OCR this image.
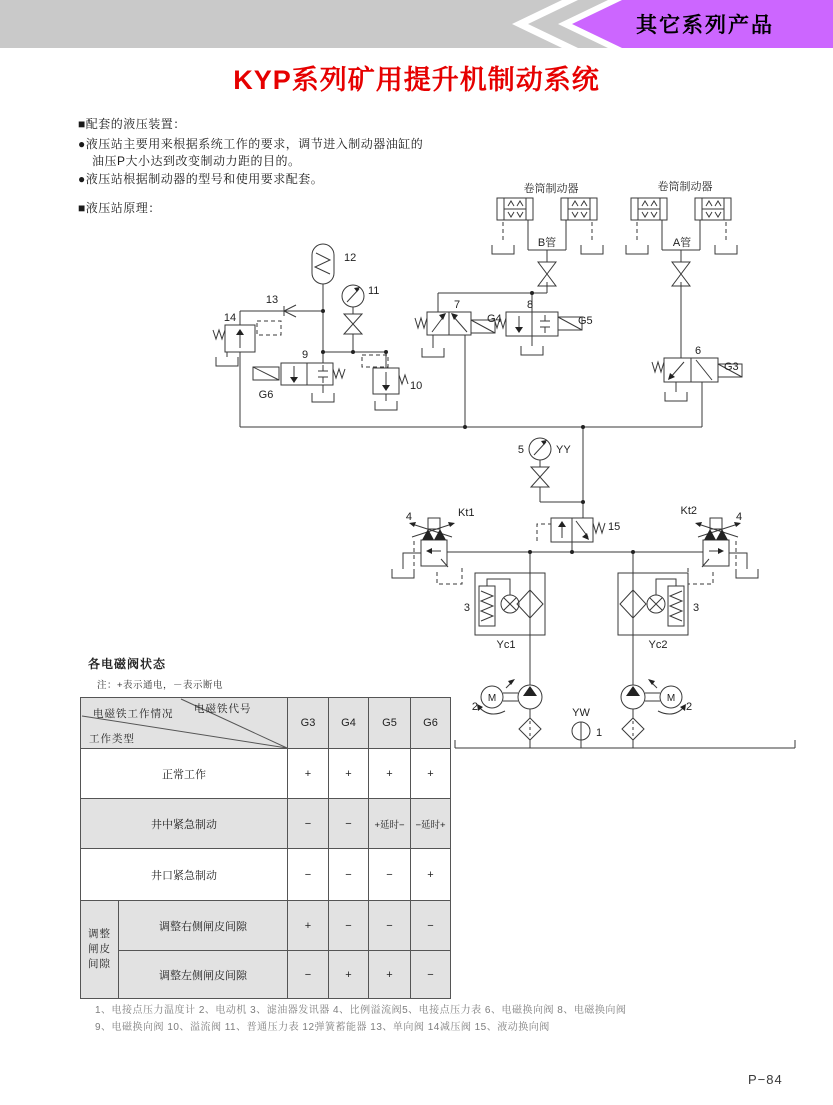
其它系列产品
KYP系列矿用提升机制动系统
■配套的液压装置：
●液压站主要用来根据系统工作的要求，调节进入制动器油缸的
油压P大小达到改变制动力距的目的。
●液压站根据制动器的型号和使用要求配套。
■液压站原理：
卷筒制动器	卷筒制动器
B管	A管
12
11
13
14
9
G6
10
7
G4
8
G5
6
G3
5	YY
15
Kt1
4	Kt2	4
3	3
Yc1	Yc2
2	2
M	M
YW
1
各电磁阀状态
注：+表示通电，－表示断电
电磁铁工作情况 电磁铁代号
工作类型
G3	G4	G5	G6
正常工作	+	+	+	+
井中紧急制动	−	−	+延时−	−延时+
井口紧急制动	−	−	−	+
调整
闸皮
间隙
调整右侧闸皮间隙	+	−	−	−
调整左侧闸皮间隙	−	+	+	−
1、电接点压力温度计 2、电动机 3、滤油器发讯器 4、比例溢流阀5、电接点压力表 6、电磁换向阀 8、电磁换向阀
9、电磁换向阀 10、溢流阀 11、普通压力表 12弹簧蓄能器 13、单向阀 14减压阀 15、液动换向阀
P−84
